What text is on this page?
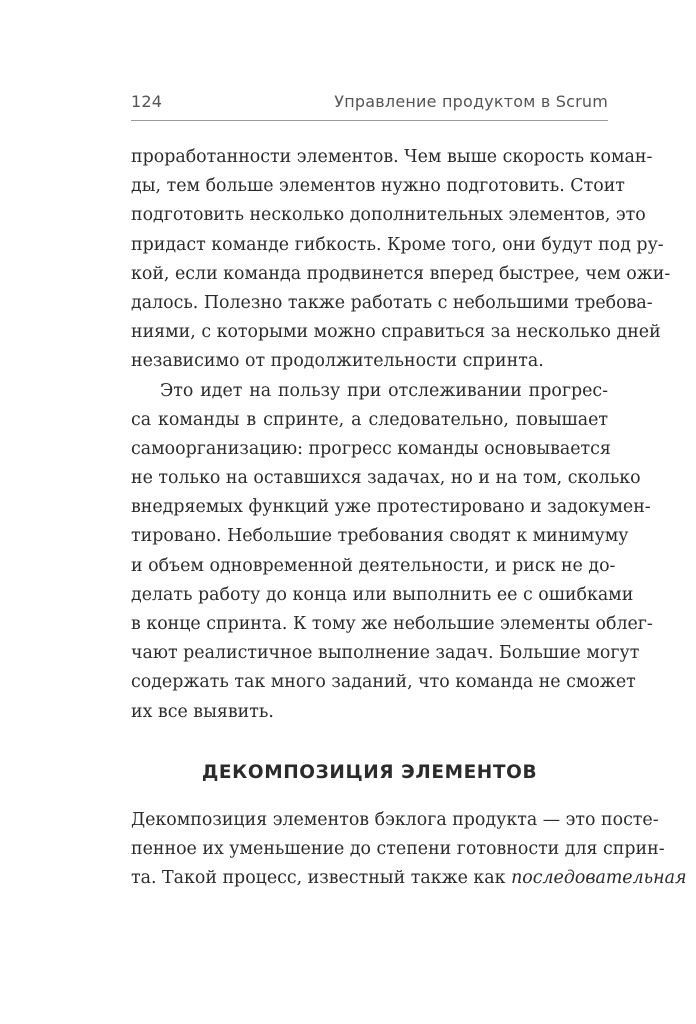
124	Управление продуктом в Scrum

проработанности элементов. Чем выше скорость коман-
ды, тем больше элементов нужно подготовить. Стоит
подготовить несколько дополнительных элементов, это
придаст команде гибкость. Кроме того, они будут под ру-
кой, если команда продвинется вперед быстрее, чем ожи-
далось. Полезно также работать с небольшими требова-
ниями, с которыми можно справиться за несколько дней
независимо от продолжительности спринта.

Это идет на пользу при отслеживании прогрес-
са команды в спринте, а следовательно, повышает
самоорганизацию: прогресс команды основывается
не только на оставшихся задачах, но и на том, сколько
внедряемых функций уже протестировано и задокумен-
тировано. Небольшие требования сводят к минимуму
и объем одновременной деятельности, и риск не до-
делать работу до конца или выполнить ее с ошибками
в конце спринта. К тому же небольшие элементы облег-
чают реалистичное выполнение задач. Большие могут
содержать так много заданий, что команда не сможет
их все выявить.

ДЕКОМПОЗИЦИЯ ЭЛЕМЕНТОВ

Декомпозиция элементов бэклога продукта — это посте-
пенное их уменьшение до степени готовности для сприн-
та. Такой процесс, известный также как последовательная
